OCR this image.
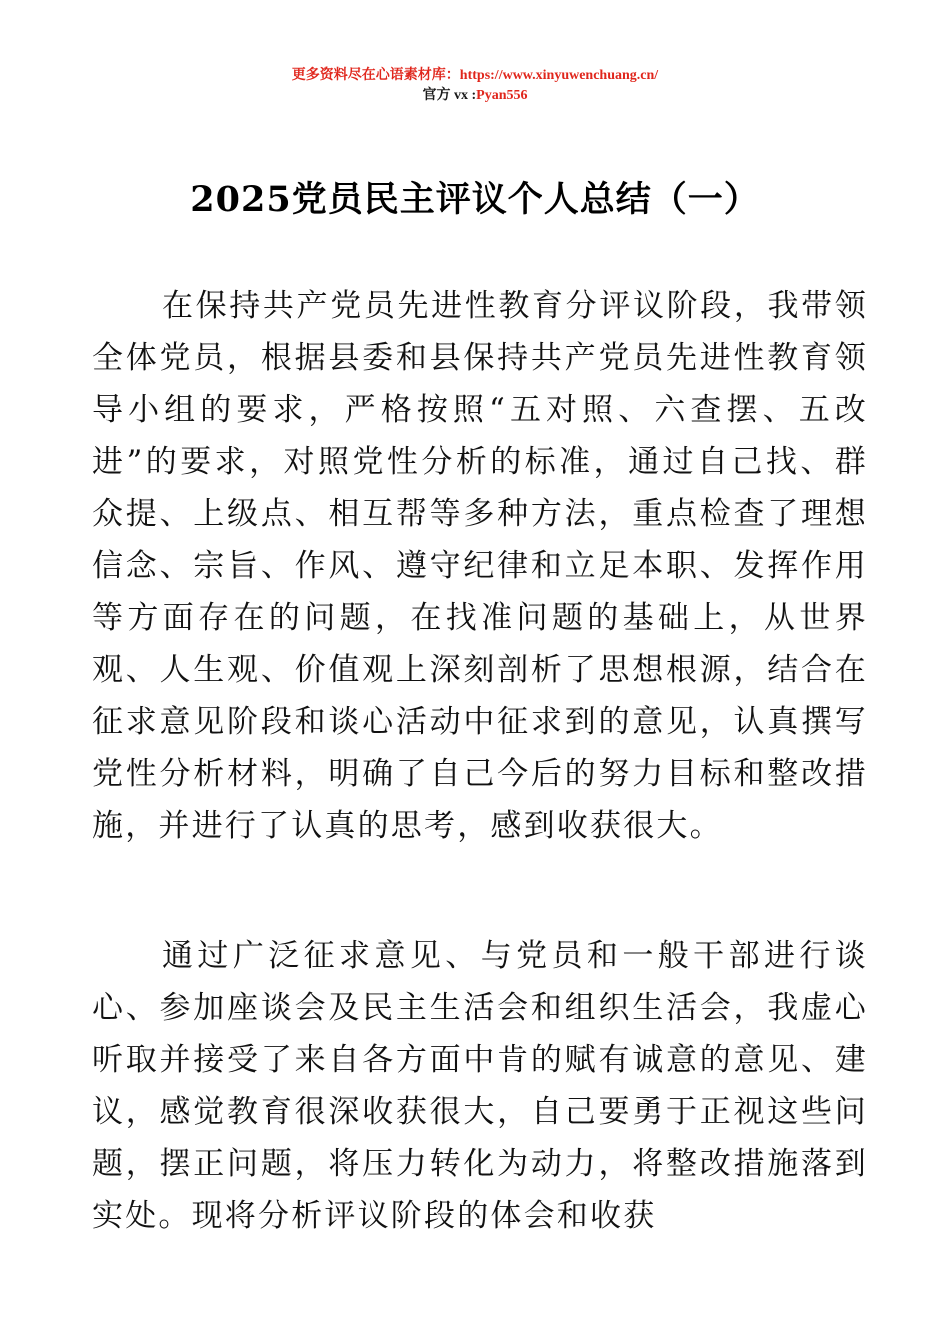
更多资料尽在心语素材库：https://www.xinyuwenchuang.cn/
官方 vx :Pyan556
2025党员民主评议个人总结（一）

在保持共产党员先进性教育分评议阶段，我带领全体党员，根据县委和县保持共产党员先进性教育领导小组的要求，严格按照“五对照、六查摆、五改进”的要求，对照党性分析的标准，通过自己找、群众提、上级点、相互帮等多种方法，重点检查了理想信念、宗旨、作风、遵守纪律和立足本职、发挥作用等方面存在的问题，在找准问题的基础上，从世界观、人生观、价值观上深刻剖析了思想根源，结合在征求意见阶段和谈心活动中征求到的意见，认真撰写党性分析材料，明确了自己今后的努力目标和整改措施，并进行了认真的思考，感到收获很大。

通过广泛征求意见、与党员和一般干部进行谈心、参加座谈会及民主生活会和组织生活会，我虚心听取并接受了来自各方面中肯的赋有诚意的意见、建议，感觉教育很深收获很大，自己要勇于正视这些问题，摆正问题，将压力转化为动力，将整改措施落到实处。现将分析评议阶段的体会和收获
